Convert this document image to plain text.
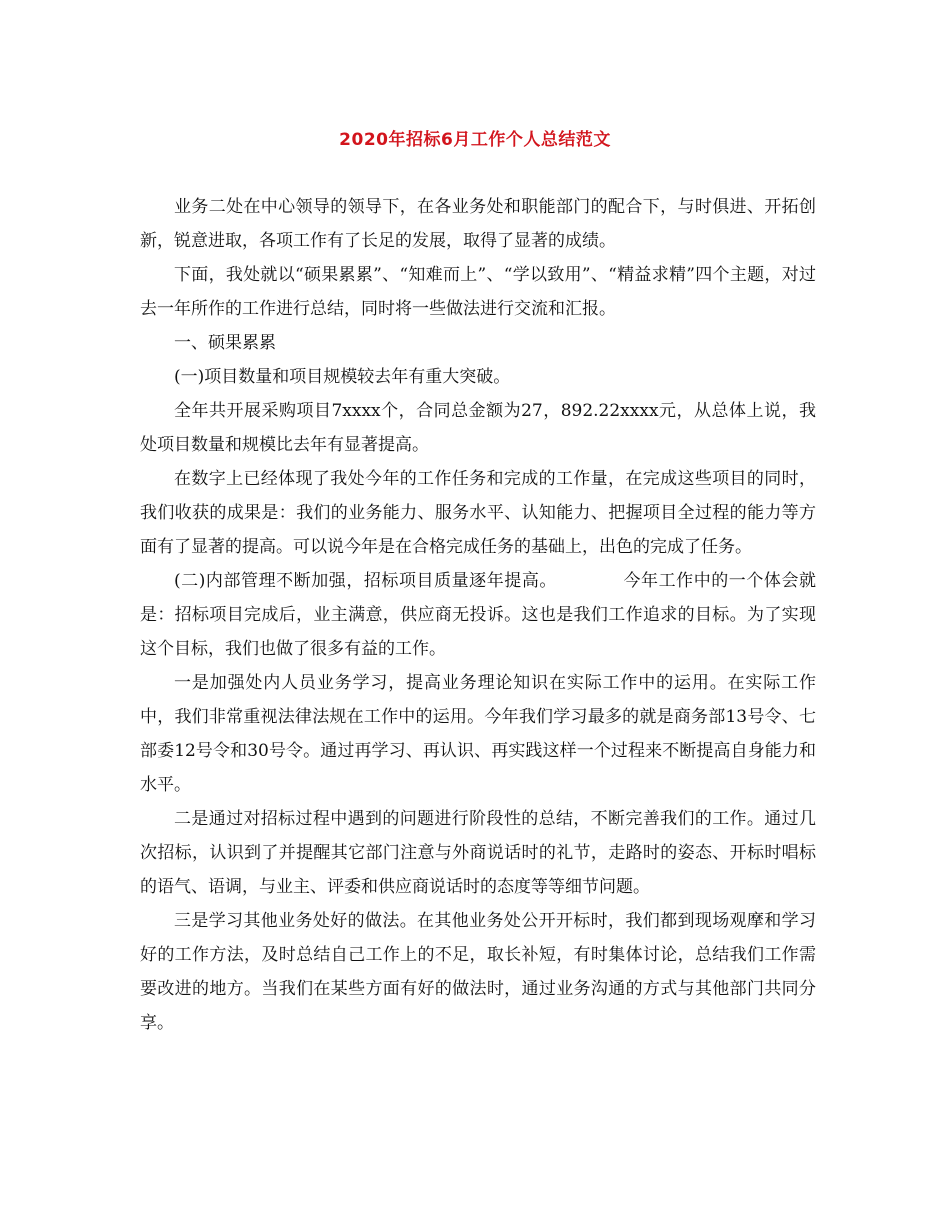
2020年招标6月工作个人总结范文

业务二处在中心领导的领导下，在各业务处和职能部门的配合下，与时俱进、开拓创新，锐意进取，各项工作有了长足的发展，取得了显著的成绩。

下面，我处就以“硕果累累”、“知难而上”、“学以致用”、“精益求精”四个主题，对过去一年所作的工作进行总结，同时将一些做法进行交流和汇报。

一、硕果累累

(一)项目数量和项目规模较去年有重大突破。

全年共开展采购项目7xxxx个，合同总金额为27，892.22xxxx元，从总体上说，我处项目数量和规模比去年有显著提高。

在数字上已经体现了我处今年的工作任务和完成的工作量，在完成这些项目的同时，我们收获的成果是：我们的业务能力、服务水平、认知能力、把握项目全过程的能力等方面有了显著的提高。可以说今年是在合格完成任务的基础上，出色的完成了任务。

(二)内部管理不断加强，招标项目质量逐年提高。	今年工作中的一个体会就是：招标项目完成后，业主满意，供应商无投诉。这也是我们工作追求的目标。为了实现这个目标，我们也做了很多有益的工作。

一是加强处内人员业务学习，提高业务理论知识在实际工作中的运用。在实际工作中，我们非常重视法律法规在工作中的运用。今年我们学习最多的就是商务部13号令、七部委12号令和30号令。通过再学习、再认识、再实践这样一个过程来不断提高自身能力和水平。

二是通过对招标过程中遇到的问题进行阶段性的总结，不断完善我们的工作。通过几次招标，认识到了并提醒其它部门注意与外商说话时的礼节，走路时的姿态、开标时唱标的语气、语调，与业主、评委和供应商说话时的态度等等细节问题。

三是学习其他业务处好的做法。在其他业务处公开开标时，我们都到现场观摩和学习好的工作方法，及时总结自己工作上的不足，取长补短，有时集体讨论，总结我们工作需要改进的地方。当我们在某些方面有好的做法时，通过业务沟通的方式与其他部门共同分享。
